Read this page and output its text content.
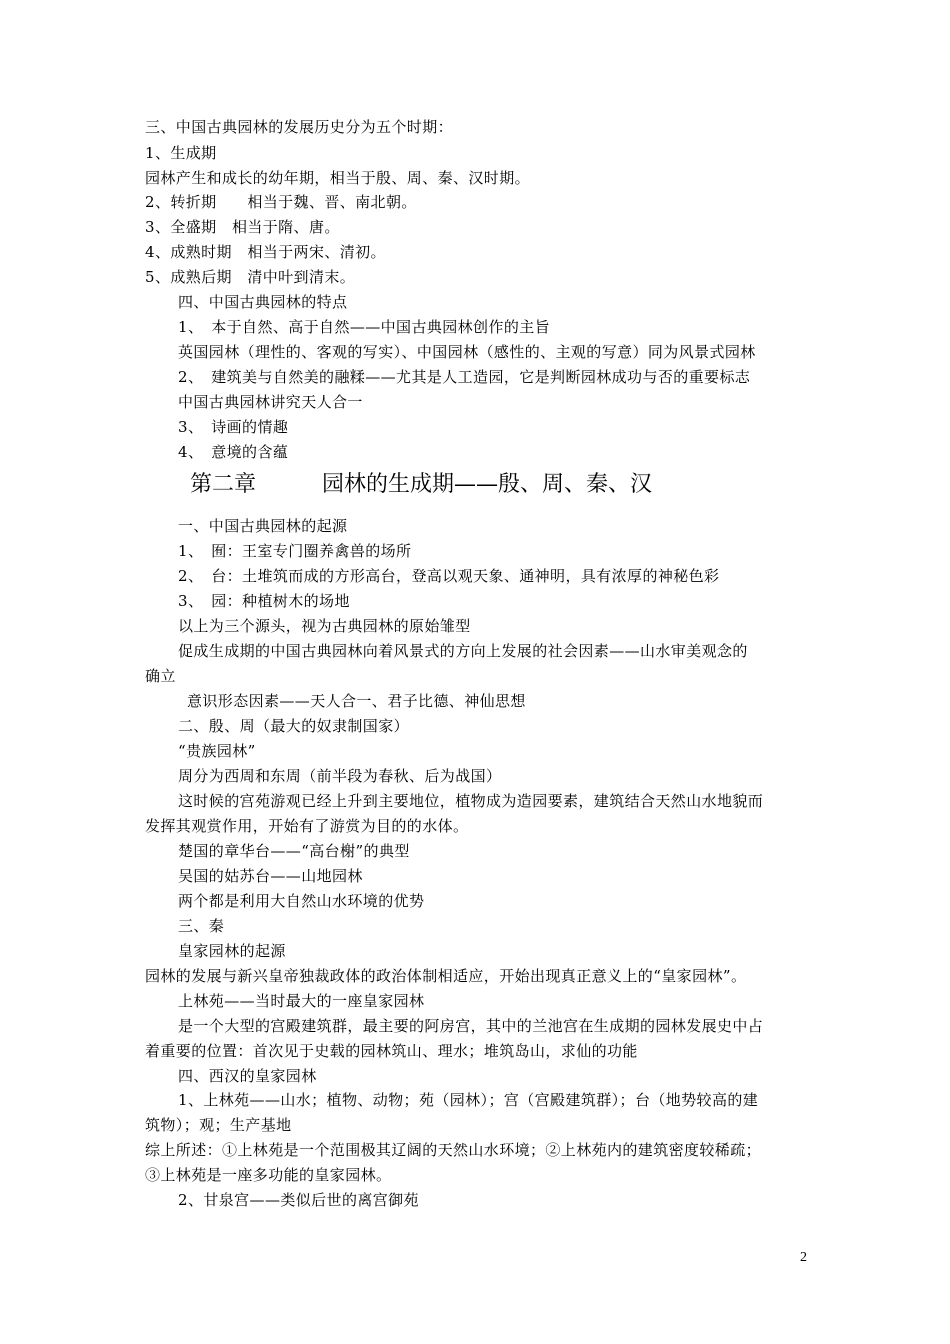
三、中国古典园林的发展历史分为五个时期：
1、生成期
园林产生和成长的幼年期，相当于殷、周、秦、汉时期。
2、转折期　　相当于魏、晋、南北朝。
3、全盛期　相当于隋、唐。
4、成熟时期　相当于两宋、清初。
5、成熟后期　清中叶到清末。
四、中国古典园林的特点
1、　本于自然、高于自然——中国古典园林创作的主旨
英国园林（理性的、客观的写实）、中国园林（感性的、主观的写意）同为风景式园林
2、　建筑美与自然美的融糅——尤其是人工造园，它是判断园林成功与否的重要标志
中国古典园林讲究天人合一
3、　诗画的情趣
4、　意境的含蕴
第二章　　　园林的生成期——殷、周、秦、汉
一、中国古典园林的起源
1、　囿：王室专门圈养禽兽的场所
2、　台：土堆筑而成的方形高台，登高以观天象、通神明，具有浓厚的神秘色彩
3、　园：种植树木的场地
以上为三个源头，视为古典园林的原始雏型
促成生成期的中国古典园林向着风景式的方向上发展的社会因素——山水审美观念的
确立
意识形态因素——天人合一、君子比德、神仙思想
二、殷、周（最大的奴隶制国家）
“贵族园林”
周分为西周和东周（前半段为春秋、后为战国）
这时候的宫苑游观已经上升到主要地位，植物成为造园要素，建筑结合天然山水地貌而
发挥其观赏作用，开始有了游赏为目的的水体。
楚国的章华台——“高台榭”的典型
吴国的姑苏台——山地园林
两个都是利用大自然山水环境的优势
三、秦
皇家园林的起源
园林的发展与新兴皇帝独裁政体的政治体制相适应，开始出现真正意义上的“皇家园林”。
上林苑——当时最大的一座皇家园林
是一个大型的宫殿建筑群，最主要的阿房宫，其中的兰池宫在生成期的园林发展史中占
着重要的位置：首次见于史载的园林筑山、理水；堆筑岛山，求仙的功能
四、西汉的皇家园林
1、上林苑——山水；植物、动物；苑（园林）；宫（宫殿建筑群）；台（地势较高的建
筑物）；观；生产基地
综上所述：①上林苑是一个范围极其辽阔的天然山水环境；②上林苑内的建筑密度较稀疏；
③上林苑是一座多功能的皇家园林。
2、甘泉宫——类似后世的离宫御苑
2
